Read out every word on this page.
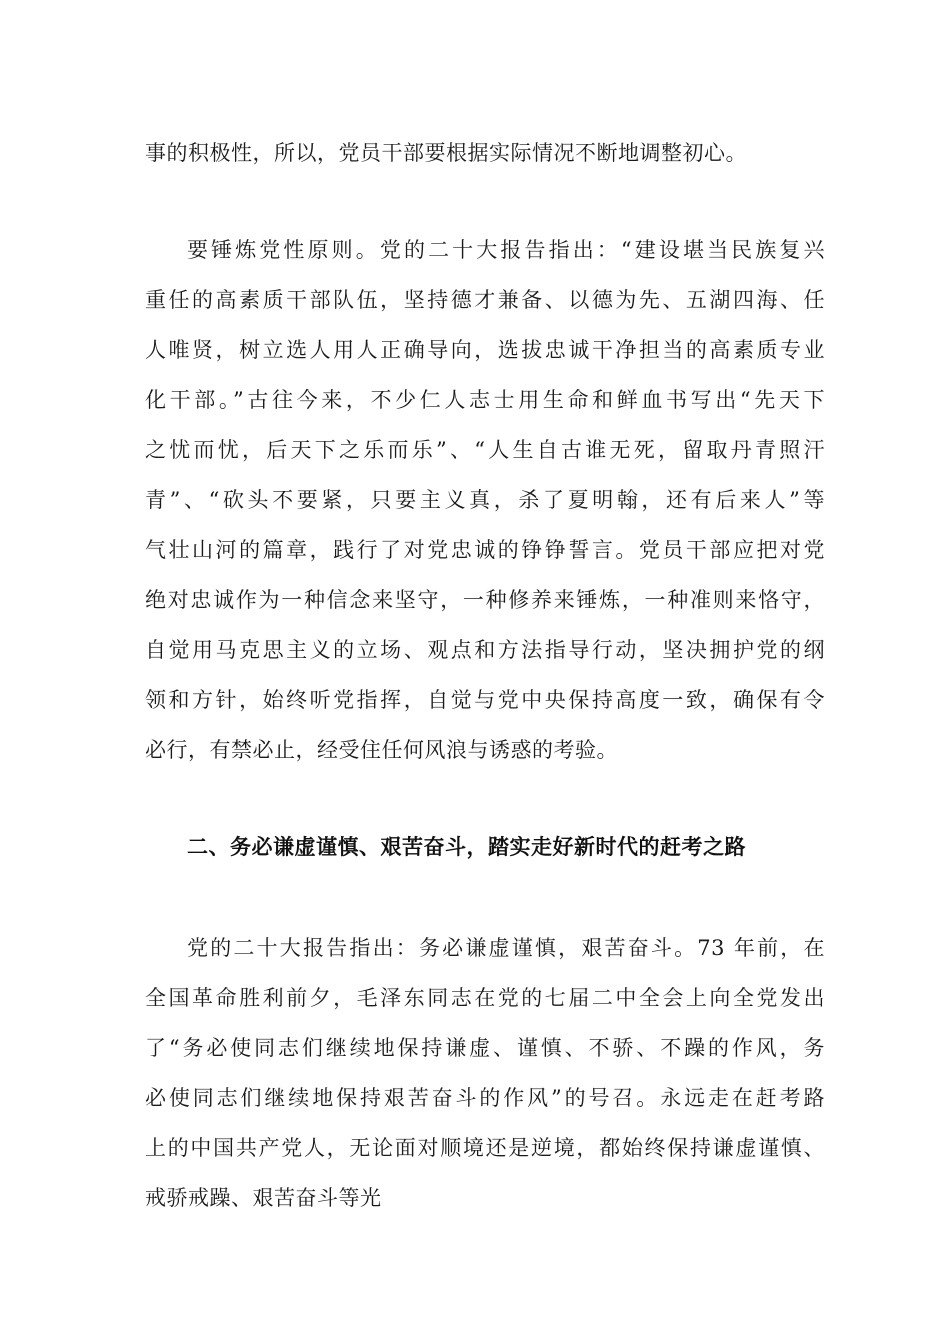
事的积极性，所以，党员干部要根据实际情况不断地调整初心。
要锤炼党性原则。党的二十大报告指出：“建设堪当民族复兴
重任的高素质干部队伍，坚持德才兼备、以德为先、五湖四海、任
人唯贤，树立选人用人正确导向，选拔忠诚干净担当的高素质专业
化干部。”古往今来，不少仁人志士用生命和鲜血书写出“先天下
之忧而忧，后天下之乐而乐”、“人生自古谁无死，留取丹青照汗
青”、“砍头不要紧，只要主义真，杀了夏明翰，还有后来人”等
气壮山河的篇章，践行了对党忠诚的铮铮誓言。党员干部应把对党
绝对忠诚作为一种信念来坚守，一种修养来锤炼，一种准则来恪守，
自觉用马克思主义的立场、观点和方法指导行动，坚决拥护党的纲
领和方针，始终听党指挥，自觉与党中央保持高度一致，确保有令
必行，有禁必止，经受住任何风浪与诱惑的考验。
二、务必谦虚谨慎、艰苦奋斗，踏实走好新时代的赶考之路
党的二十大报告指出：务必谦虚谨慎，艰苦奋斗。73 年前，在
全国革命胜利前夕，毛泽东同志在党的七届二中全会上向全党发出
了“务必使同志们继续地保持谦虚、谨慎、不骄、不躁的作风，务
必使同志们继续地保持艰苦奋斗的作风”的号召。永远走在赶考路
上的中国共产党人，无论面对顺境还是逆境，都始终保持谦虚谨慎、
戒骄戒躁、艰苦奋斗等光
